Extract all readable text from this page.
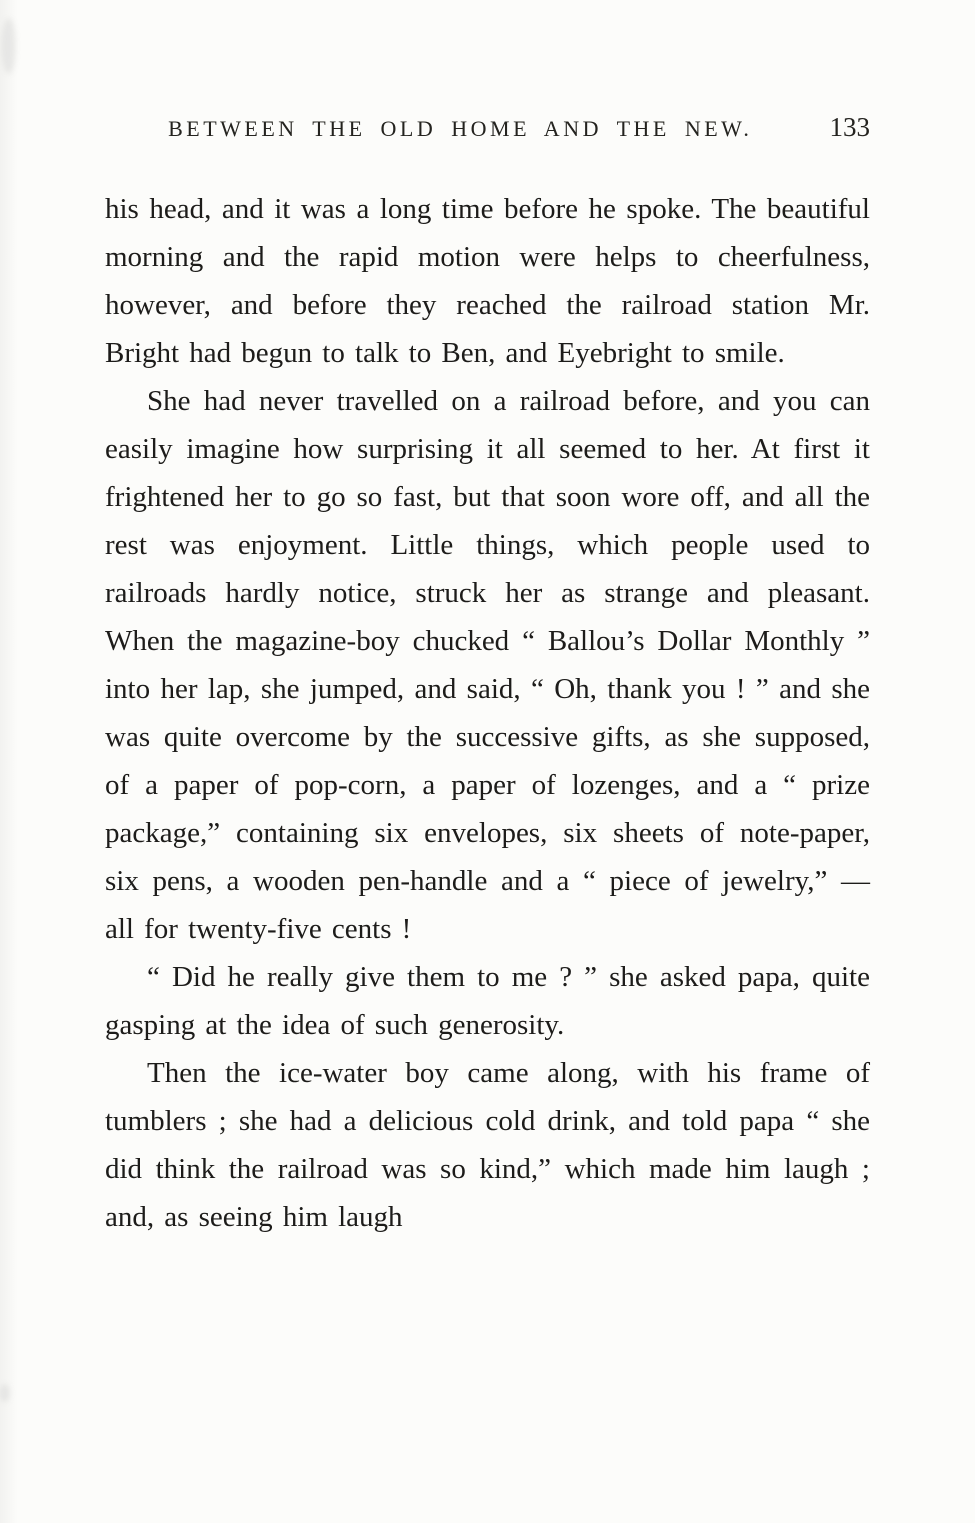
BETWEEN THE OLD HOME AND THE NEW.	133

his head, and it was a long time before he spoke. The beautiful morning and the rapid motion were helps to cheerfulness, however, and before they reached the railroad station Mr. Bright had begun to talk to Ben, and Eyebright to smile.

She had never travelled on a railroad before, and you can easily imagine how surprising it all seemed to her. At first it frightened her to go so fast, but that soon wore off, and all the rest was enjoyment. Little things, which people used to railroads hardly notice, struck her as strange and pleasant. When the magazine-boy chucked “ Ballou’s Dollar Monthly ” into her lap, she jumped, and said, “ Oh, thank you ! ” and she was quite overcome by the successive gifts, as she supposed, of a paper of pop-corn, a paper of lozenges, and a “ prize package,” containing six envelopes, six sheets of note-paper, six pens, a wooden pen-handle and a “ piece of jewelry,” — all for twenty-five cents !

“ Did he really give them to me ? ” she asked papa, quite gasping at the idea of such generosity.

Then the ice-water boy came along, with his frame of tumblers ; she had a delicious cold drink, and told papa “ she did think the railroad was so kind,” which made him laugh ; and, as seeing him laugh
